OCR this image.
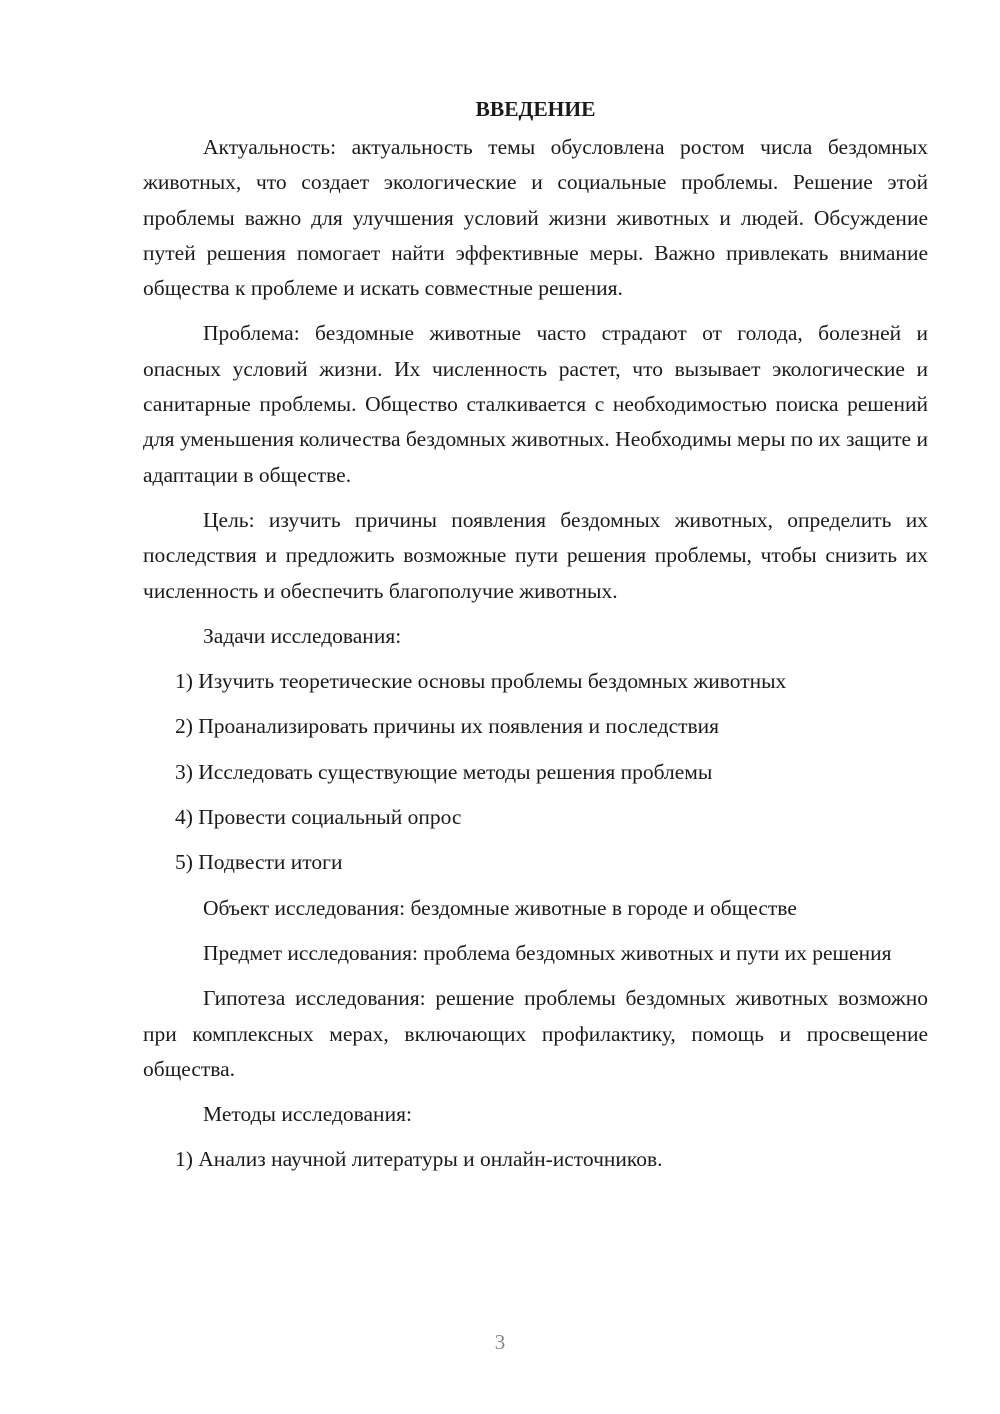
ВВЕДЕНИЕ

Актуальность: актуальность темы обусловлена ростом числа бездомных животных, что создает экологические и социальные проблемы. Решение этой проблемы важно для улучшения условий жизни животных и людей. Обсуждение путей решения помогает найти эффективные меры. Важно привлекать внимание общества к проблеме и искать совместные решения.

Проблема: бездомные животные часто страдают от голода, болезней и опасных условий жизни. Их численность растет, что вызывает экологические и санитарные проблемы. Общество сталкивается с необходимостью поиска решений для уменьшения количества бездомных животных. Необходимы меры по их защите и адаптации в обществе.

Цель: изучить причины появления бездомных животных, определить их последствия и предложить возможные пути решения проблемы, чтобы снизить их численность и обеспечить благополучие животных.

Задачи исследования:

1) Изучить теоретические основы проблемы бездомных животных

2) Проанализировать причины их появления и последствия

3) Исследовать существующие методы решения проблемы

4) Провести социальный опрос

5) Подвести итоги

Объект исследования: бездомные животные в городе и обществе

Предмет исследования: проблема бездомных животных и пути их решения

Гипотеза исследования: решение проблемы бездомных животных возможно при комплексных мерах, включающих профилактику, помощь и просвещение общества.

Методы исследования:

1) Анализ научной литературы и онлайн-источников.

3
